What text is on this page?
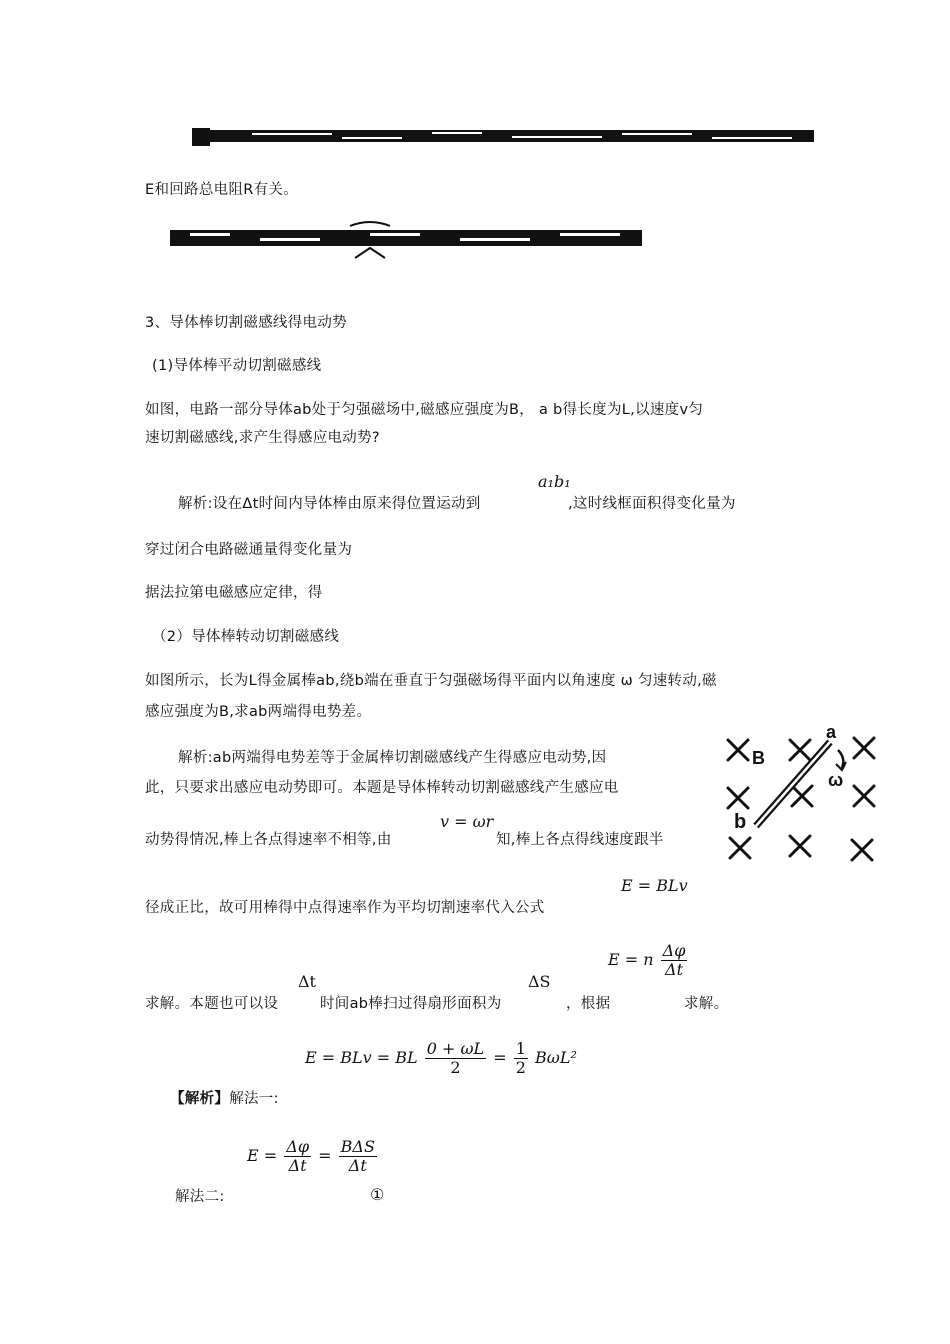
E和回路总电阻R有关。
3、导体棒切割磁感线得电动势
(1)导体棒平动切割磁感线
如图，电路一部分导体ab处于匀强磁场中,磁感应强度为B， a b得长度为L,以速度v匀
速切割磁感线,求产生得感应电动势?
a₁b₁
解析:设在Δt时间内导体棒由原来得位置运动到	,这时线框面积得变化量为
穿过闭合电路磁通量得变化量为
据法拉第电磁感应定律，得
（2）导体棒转动切割磁感线
如图所示，长为L得金属棒ab,绕b端在垂直于匀强磁场得平面内以角速度 ω 匀速转动,磁
感应强度为B,求ab两端得电势差。
解析:ab两端得电势差等于金属棒切割磁感线产生得感应电动势,因
此，只要求出感应电动势即可。本题是导体棒转动切割磁感线产生感应电
v = ωr
动势得情况,棒上各点得速率不相等,由	知,棒上各点得线速度跟半
E = BLv
径成正比，故可用棒得中点得速率作为平均切割速率代入公式
a
b
B
ω
E = n $\frac{\Delta\varphi}{\Delta t}$
Δt	ΔS
求解。本题也可以设	时间ab棒扫过得扇形面积为	，根据	求解。
E = BLv = BL $\frac{0 + \omega L}{2} = \frac{1}{2} B\omega L^2$
【解析】解法一:
$E = \frac{\Delta\varphi}{\Delta t} = \frac{\text{BΔS}}{\Delta t}$
解法二:	①
